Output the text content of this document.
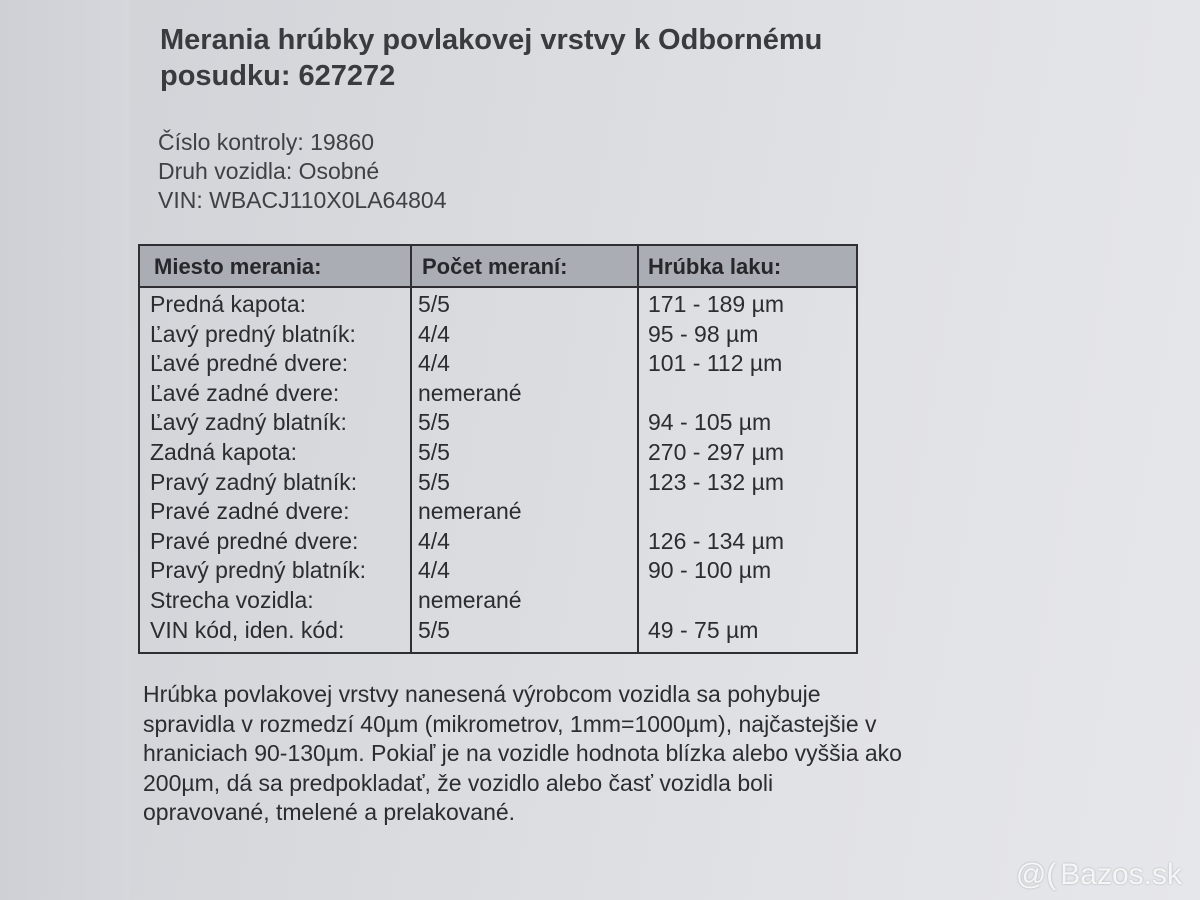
Merania hrúbky povlakovej vrstvy k Odbornému posudku: 627272
Číslo kontroly: 19860
Druh vozidla: Osobné
VIN: WBACJ110X0LA64804
Miesto merania:	Počet meraní:	Hrúbka laku:
Predná kapota:	5/5	171 - 189 µm
Ľavý predný blatník:	4/4	95 - 98 µm
Ľavé predné dvere:	4/4	101 - 112 µm
Ľavé zadné dvere:	nemerané
Ľavý zadný blatník:	5/5	94 - 105 µm
Zadná kapota:	5/5	270 - 297 µm
Pravý zadný blatník:	5/5	123 - 132 µm
Pravé zadné dvere:	nemerané
Pravé predné dvere:	4/4	126 - 134 µm
Pravý predný blatník: 4/4	90 - 100 µm
Strecha vozidla:	nemerané
VIN kód, iden. kód:	5/5	49 - 75 µm

Hrúbka povlakovej vrstvy nanesená výrobcom vozidla sa pohybuje spravidla v rozmedzí 40µm (mikrometrov, 1mm=1000µm), najčastejšie v hraniciach 90-130µm. Pokiaľ je na vozidle hodnota blízka alebo vyššia ako 200µm, dá sa predpokladať, že vozidlo alebo časť vozidla boli opravované, tmelené a prelakované.

@( Bazos.sk
